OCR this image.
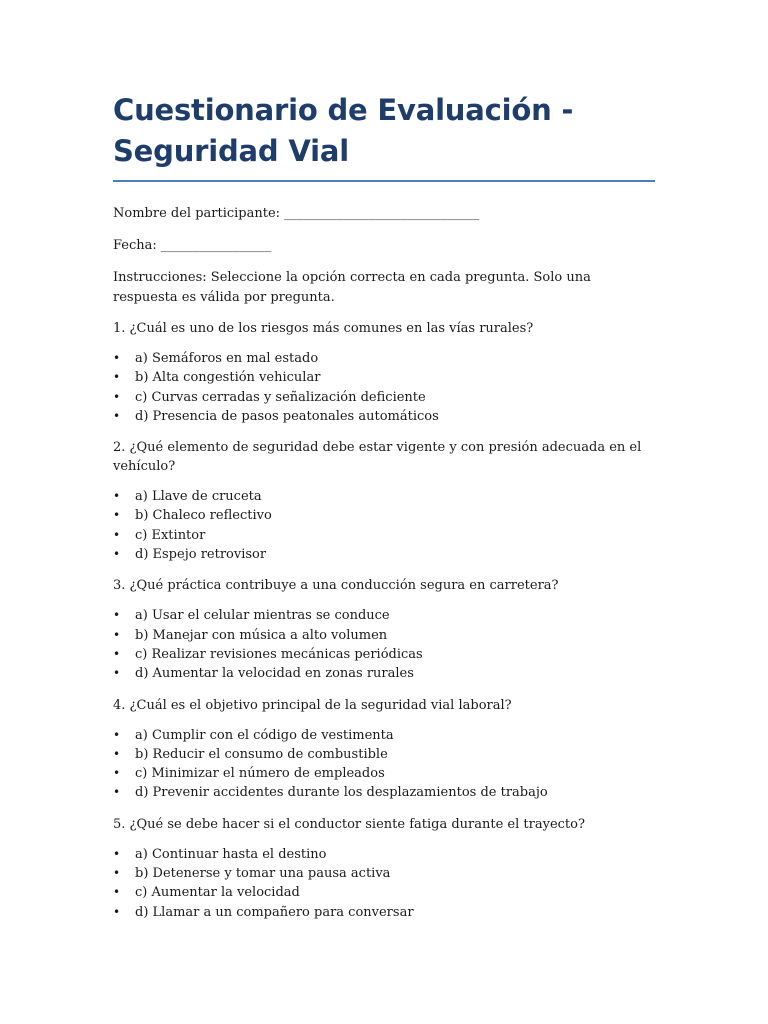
Cuestionario de Evaluación - Seguridad Vial
Nombre del participante: ______________________________
Fecha: _________________
Instrucciones: Seleccione la opción correcta en cada pregunta. Solo una respuesta es válida por pregunta.
1. ¿Cuál es uno de los riesgos más comunes en las vías rurales?
• a) Semáforos en mal estado
• b) Alta congestión vehicular
• c) Curvas cerradas y señalización deficiente
• d) Presencia de pasos peatonales automáticos
2. ¿Qué elemento de seguridad debe estar vigente y con presión adecuada en el vehículo?
• a) Llave de cruceta
• b) Chaleco reflectivo
• c) Extintor
• d) Espejo retrovisor
3. ¿Qué práctica contribuye a una conducción segura en carretera?
• a) Usar el celular mientras se conduce
• b) Manejar con música a alto volumen
• c) Realizar revisiones mecánicas periódicas
• d) Aumentar la velocidad en zonas rurales
4. ¿Cuál es el objetivo principal de la seguridad vial laboral?
• a) Cumplir con el código de vestimenta
• b) Reducir el consumo de combustible
• c) Minimizar el número de empleados
• d) Prevenir accidentes durante los desplazamientos de trabajo
5. ¿Qué se debe hacer si el conductor siente fatiga durante el trayecto?
• a) Continuar hasta el destino
• b) Detenerse y tomar una pausa activa
• c) Aumentar la velocidad
• d) Llamar a un compañero para conversar
